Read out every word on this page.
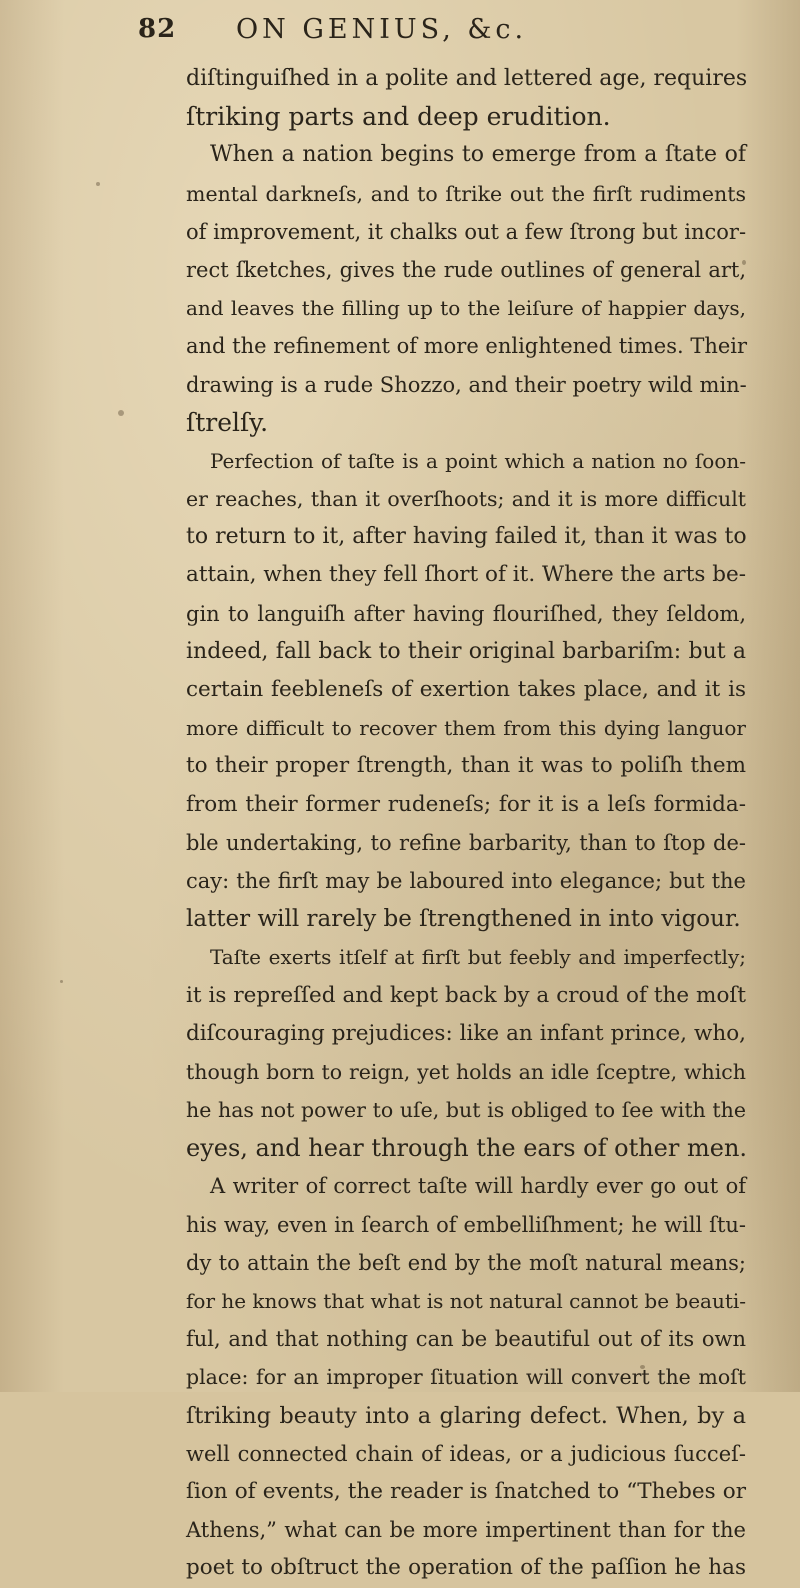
82 ON GENIUS, &c.
diſtinguiſhed in a polite and lettered age, requires
ſtriking parts and deep erudition.
When a nation begins to emerge from a ſtate of
mental darkneſs, and to ſtrike out the firſt rudiments
of improvement, it chalks out a few ſtrong but incor-
rect ſketches, gives the rude outlines of general art,
and leaves the filling up to the leiſure of happier days,
and the refinement of more enlightened times. Their
drawing is a rude Shozzo, and their poetry wild min-
ſtrelſy.
Perfection of taſte is a point which a nation no ſoon-
er reaches, than it overſhoots; and it is more difficult
to return to it, after having failed it, than it was to
attain, when they fell ſhort of it. Where the arts be-
gin to languiſh after having flouriſhed, they ſeldom,
indeed, fall back to their original barbariſm: but a
certain feebleneſs of exertion takes place, and it is
more difficult to recover them from this dying languor
to their proper ſtrength, than it was to poliſh them
from their former rudeneſs; for it is a leſs formida-
ble undertaking, to refine barbarity, than to ſtop de-
cay: the firſt may be laboured into elegance; but the
latter will rarely be ſtrengthened in into vigour.
Taſte exerts itſelf at firſt but feebly and imperfectly;
it is repreſſed and kept back by a croud of the moſt
diſcouraging prejudices: like an infant prince, who,
though born to reign, yet holds an idle ſceptre, which
he has not power to uſe, but is obliged to ſee with the
eyes, and hear through the ears of other men.
A writer of correct taſte will hardly ever go out of
his way, even in ſearch of embelliſhment; he will ſtu-
dy to attain the beſt end by the moſt natural means;
for he knows that what is not natural cannot be beauti-
ful, and that nothing can be beautiful out of its own
place: for an improper ſituation will convert the moſt
ſtriking beauty into a glaring defect. When, by a
well connected chain of ideas, or a judicious ſucceſ-
ſion of events, the reader is ſnatched to “Thebes or
Athens,” what can be more impertinent than for the
poet to obſtruct the operation of the paſſion he has
